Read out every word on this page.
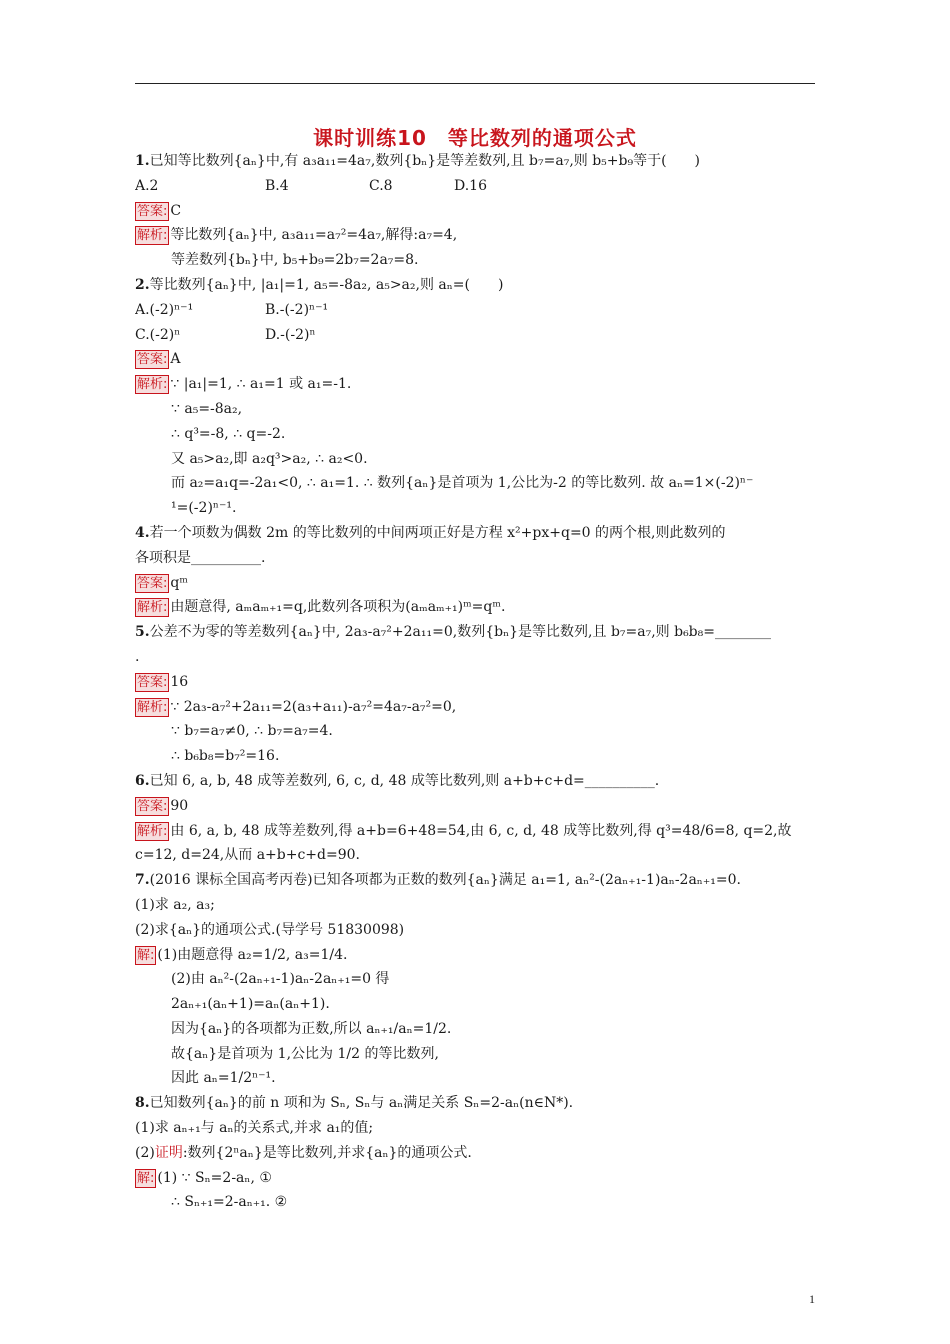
课时训练10　等比数列的通项公式
1.已知等比数列{aₙ}中,有 a₃a₁₁=4a₇,数列{bₙ}是等差数列,且 b₇=a₇,则 b₅+b₉等于(　　)
A.2	B.4	C.8	D.16
答案: C
解析: 等比数列{aₙ}中, a₃a₁₁=a₇²=4a₇,解得:a₇=4,
等差数列{bₙ}中, b₅+b₉=2b₇=2a₇=8.
2.等比数列{aₙ}中, |a₁|=1, a₅=-8a₂, a₅>a₂,则 aₙ=(　　)
A.(-2)ⁿ⁻¹	B.-(-2)ⁿ⁻¹
C.(-2)ⁿ	D.-(-2)ⁿ
答案: A
解析: ∵ |a₁|=1, ∴ a₁=1 或 a₁=-1.
∵ a₅=-8a₂,
∴ q³=-8, ∴ q=-2.
又 a₅>a₂,即 a₂q³>a₂, ∴ a₂<0.
而 a₂=a₁q=-2a₁<0, ∴ a₁=1. ∴ 数列{aₙ}是首项为 1,公比为-2 的等比数列. 故 aₙ=1×(-2)ⁿ⁻
¹=(-2)ⁿ⁻¹.
4.若一个项数为偶数 2m 的等比数列的中间两项正好是方程 x²+px+q=0 的两个根,则此数列的
各项积是__________.
答案: qᵐ
解析: 由题意得, aₘaₘ₊₁=q,此数列各项积为(aₘaₘ₊₁)ᵐ=qᵐ.
5.公差不为零的等差数列{aₙ}中, 2a₃-a₇²+2a₁₁=0,数列{bₙ}是等比数列,且 b₇=a₇,则 b₆b₈=________
.
答案: 16
解析: ∵ 2a₃-a₇²+2a₁₁=2(a₃+a₁₁)-a₇²=4a₇-a₇²=0,
∵ b₇=a₇≠0, ∴ b₇=a₇=4.
∴ b₆b₈=b₇²=16.
6.已知 6, a, b, 48 成等差数列, 6, c, d, 48 成等比数列,则 a+b+c+d=__________.
答案: 90
解析: 由 6, a, b, 48 成等差数列,得 a+b=6+48=54,由 6, c, d, 48 成等比数列,得 q³=48/6=8, q=2,故
c=12, d=24,从而 a+b+c+d=90.
7.(2016 课标全国高考丙卷)已知各项都为正数的数列{aₙ}满足 a₁=1, aₙ²-(2aₙ₊₁-1)aₙ-2aₙ₊₁=0.
(1)求 a₂, a₃;
(2)求{aₙ}的通项公式.(导学号 51830098)
解: (1)由题意得 a₂=1/2, a₃=1/4.
(2)由 aₙ²-(2aₙ₊₁-1)aₙ-2aₙ₊₁=0 得
2aₙ₊₁(aₙ+1)=aₙ(aₙ+1).
因为{aₙ}的各项都为正数,所以 aₙ₊₁/aₙ=1/2.
故{aₙ}是首项为 1,公比为 1/2 的等比数列,
因此 aₙ=1/2ⁿ⁻¹.
8.已知数列{aₙ}的前 n 项和为 Sₙ, Sₙ与 aₙ满足关系 Sₙ=2-aₙ(n∈N*).
(1)求 aₙ₊₁与 aₙ的关系式,并求 a₁的值;
(2)证明:数列{2ⁿaₙ}是等比数列,并求{aₙ}的通项公式.
解: (1) ∵ Sₙ=2-aₙ, ①
∴ Sₙ₊₁=2-aₙ₊₁. ②
1
